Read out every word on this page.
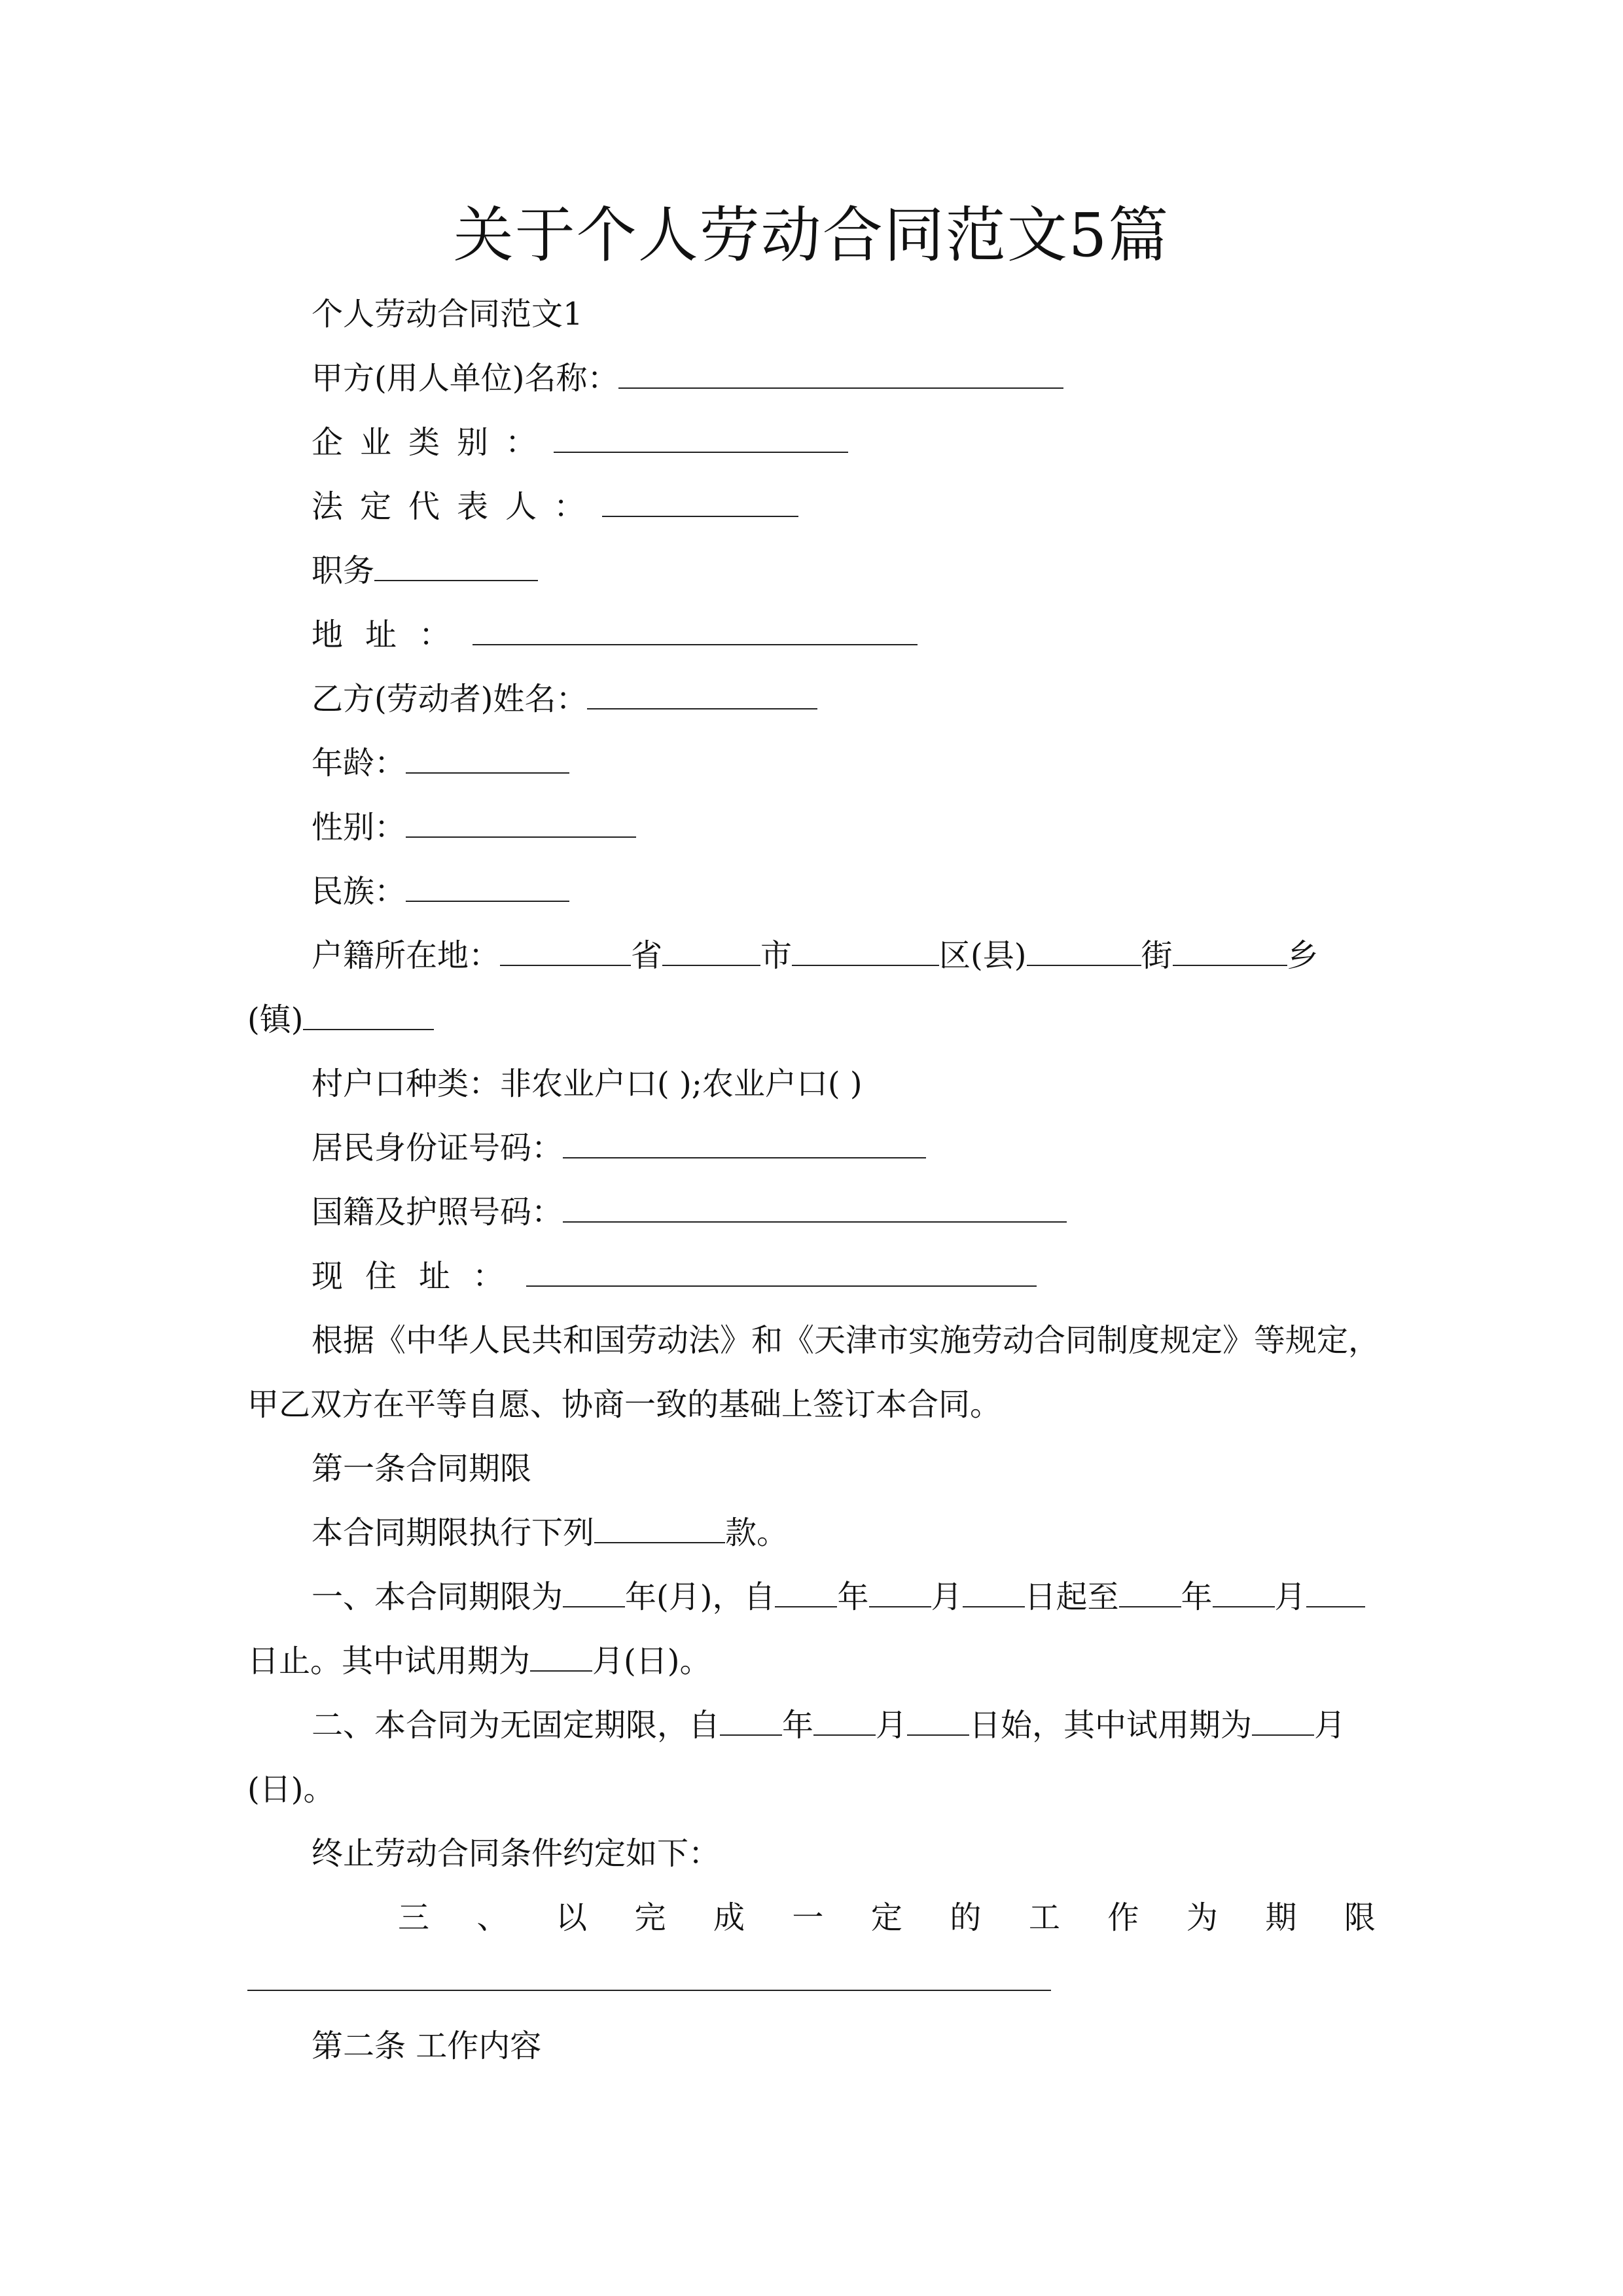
关于个人劳动合同范文5篇
个人劳动合同范文1
甲方(用人单位)名称：
企业类别：
法定代表人：
职务
地址：
乙方(劳动者)姓名：
年龄：
性别：
民族：
户籍所在地：	省	市	区(县)	街	乡
(镇)
村户口种类：非农业户口( );农业户口( )
居民身份证号码：
国籍及护照号码：
现住址：
根据《中华人民共和国劳动法》和《天津市实施劳动合同制度规定》等规定，
甲乙双方在平等自愿、协商一致的基础上签订本合同。
第一条合同期限
本合同期限执行下列	款。
一、本合同期限为 年(月)，自 年 月 日起至 年 月
日止。其中试用期为 月(日)。
二、本合同为无固定期限，自 年 月 日始，其中试用期为 月
(日)。
终止劳动合同条件约定如下：
三 、 以 完 成 一 定 的 工 作 为 期 限
第二条 工作内容
